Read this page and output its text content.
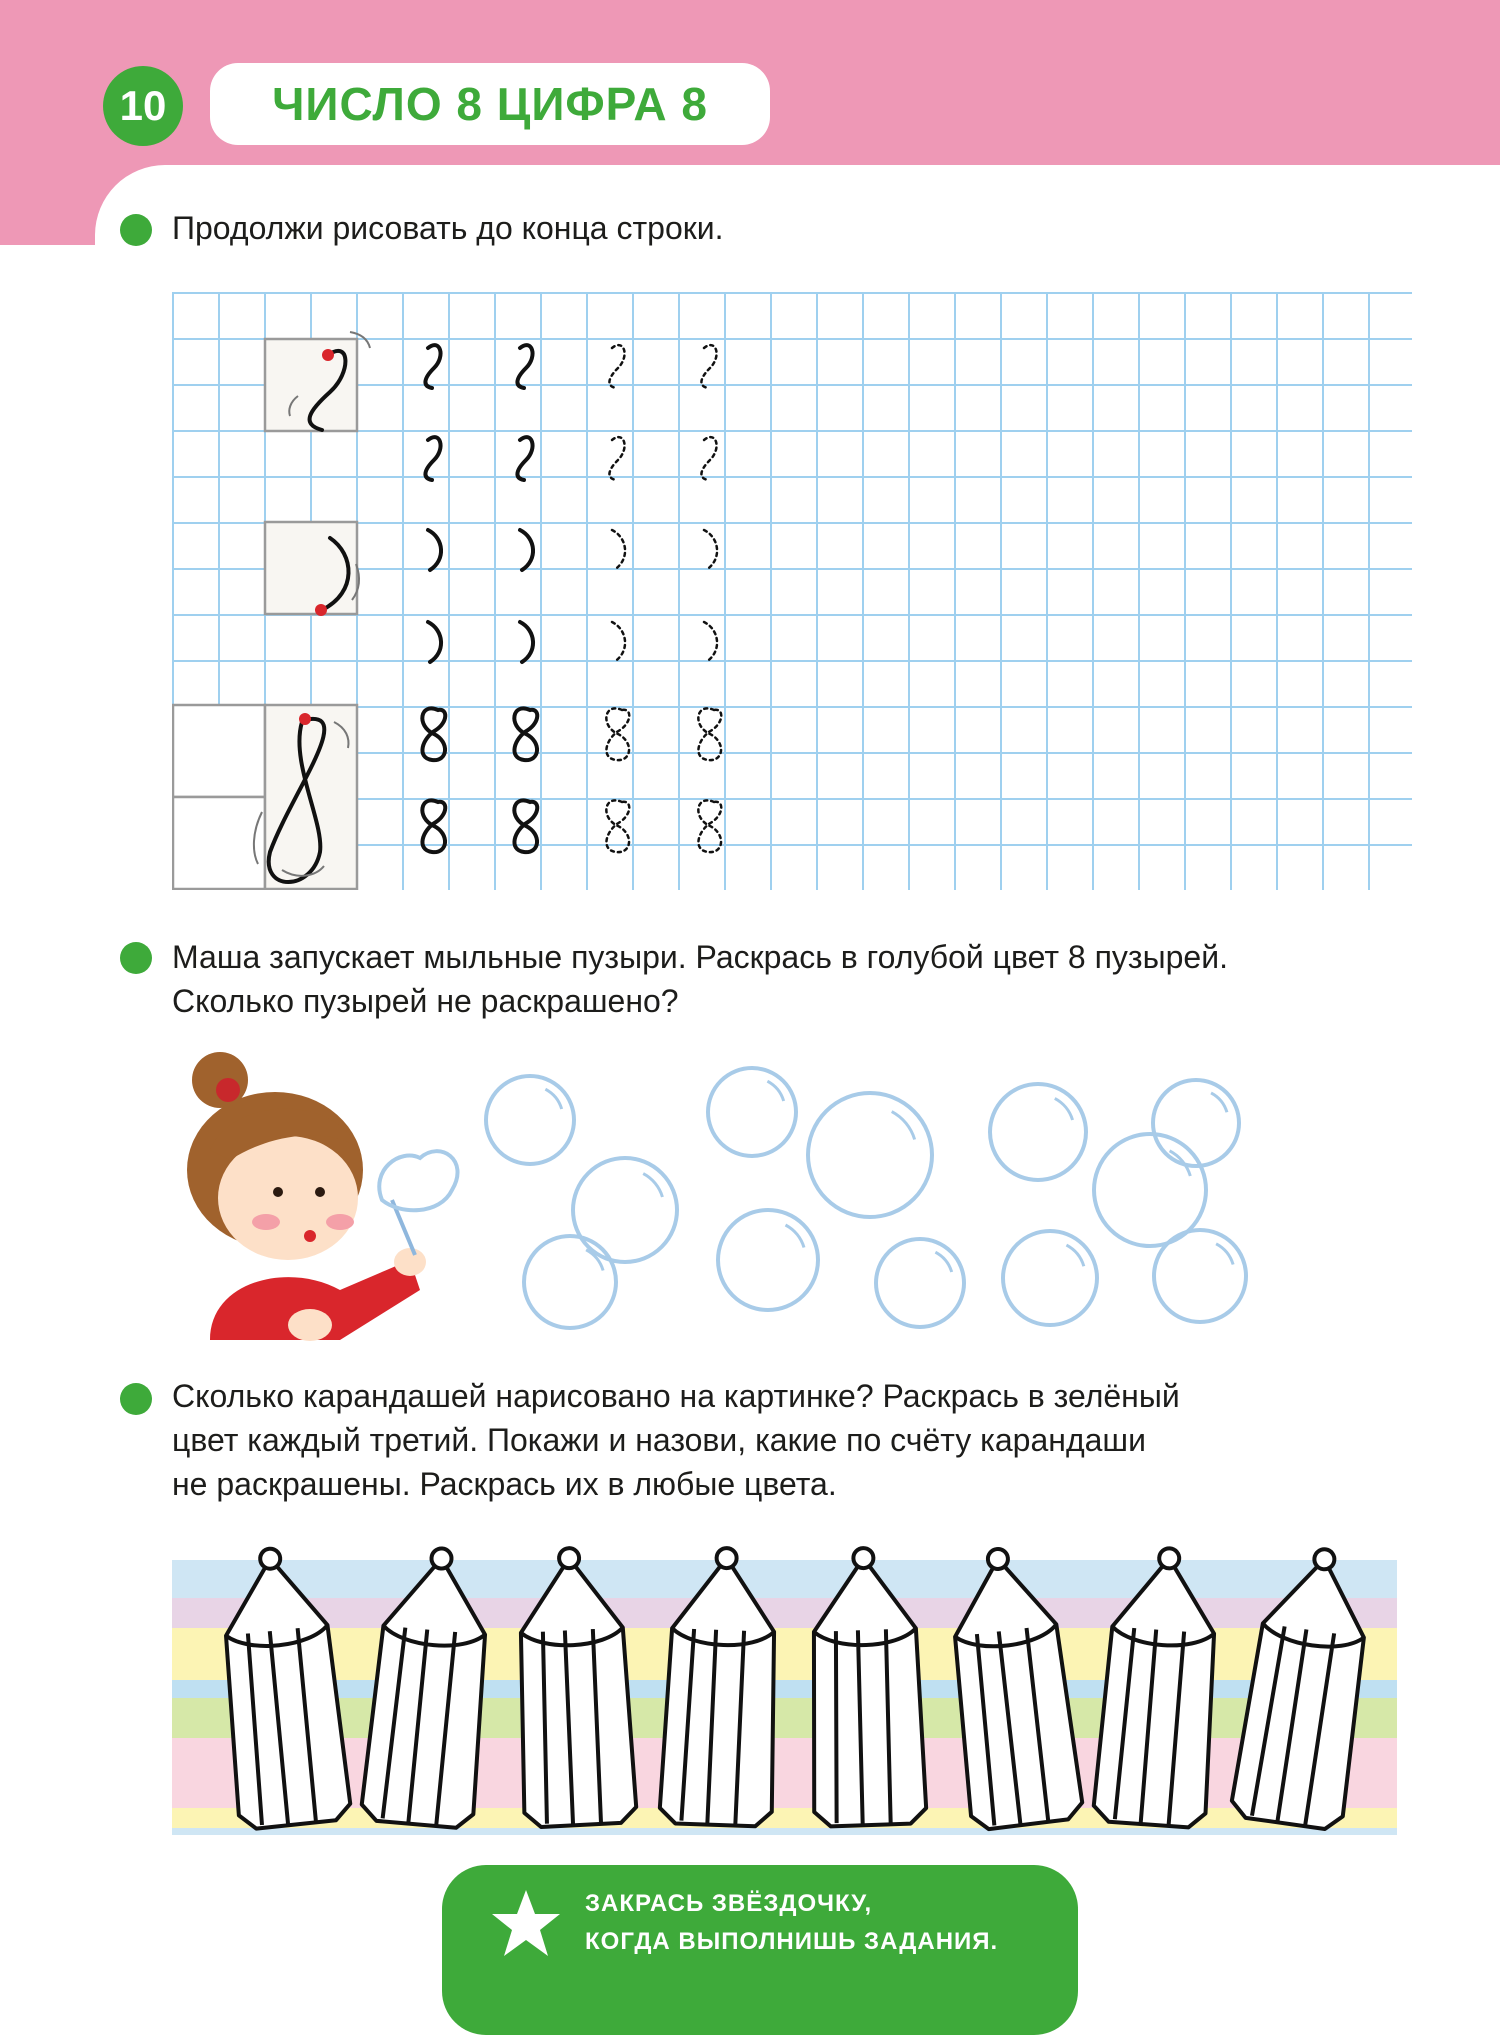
10	ЧИСЛО 8 ЦИФРА 8
Продолжи рисовать до конца строки.
Маша запускает мыльные пузыри. Раскрась в голубой цвет 8 пузырей.
Сколько пузырей не раскрашено?
Сколько карандашей нарисовано на картинке? Раскрась в зелёный
цвет каждый третий. Покажи и назови, какие по счёту карандаши
не раскрашены. Раскрась их в любые цвета.
ЗАКРАСЬ ЗВЁЗДОЧКУ,
КОГДА ВЫПОЛНИШЬ ЗАДАНИЯ.
